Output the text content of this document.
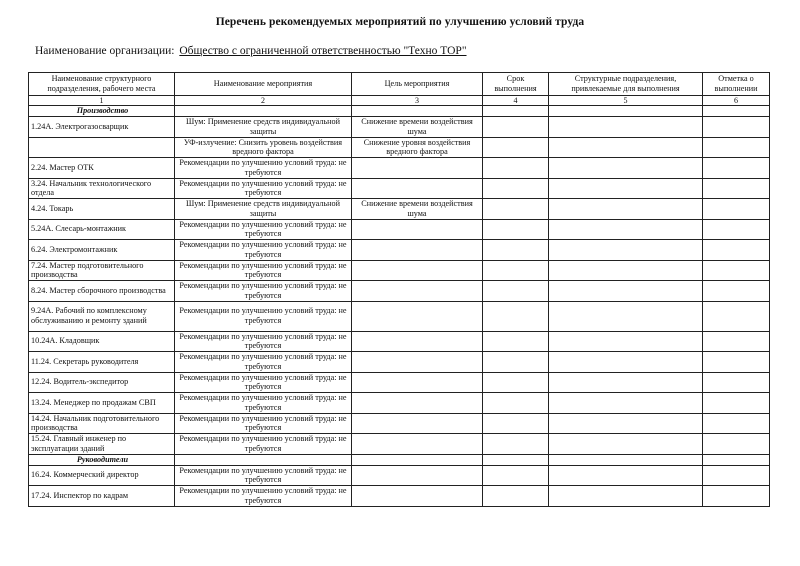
Перечень рекомендуемых мероприятий по улучшению условий труда
Наименование организации: Общество с ограниченной ответственностью "Техно ТОР"
Наименование структурного подразделения, рабочего места	Наименование мероприятия	Цель мероприятия	Срок выполнения	Структурные подразделения, привлекаемые для выполнения	Отметка о выполнении
1	2	3	4	5	6
Производство					
1.24А. Электрогазосварщик	Шум: Применение средств индивидуальной защиты	Снижение времени воздействия шума			
	УФ-излучение: Снизить уровень воздействия вредного фактора	Снижение уровня воздействия вредного фактора			
2.24. Мастер ОТК	Рекомендации по улучшению условий труда: не требуются				
3.24. Начальник технологического отдела	Рекомендации по улучшению условий труда: не требуются				
4.24. Токарь	Шум: Применение средств индивидуальной защиты	Снижение времени воздействия шума			
5.24А. Слесарь-монтажник	Рекомендации по улучшению условий труда: не требуются				
6.24. Электромонтажник	Рекомендации по улучшению условий труда: не требуются				
7.24. Мастер подготовительного производства	Рекомендации по улучшению условий труда: не требуются				
8.24. Мастер сборочного производства	Рекомендации по улучшению условий труда: не требуются				
9.24А. Рабочий по комплексному обслуживанию и ремонту зданий	Рекомендации по улучшению условий труда: не требуются				
10.24А. Кладовщик	Рекомендации по улучшению условий труда: не требуются				
11.24. Секретарь руководителя	Рекомендации по улучшению условий труда: не требуются				
12.24. Водитель-экспедитор	Рекомендации по улучшению условий труда: не требуются				
13.24. Менеджер по продажам СВП	Рекомендации по улучшению условий труда: не требуются				
14.24. Начальник подготовительного производства	Рекомендации по улучшению условий труда: не требуются				
15.24. Главный инженер по эксплуатации зданий	Рекомендации по улучшению условий труда: не требуются				
Руководители					
16.24. Коммерческий директор	Рекомендации по улучшению условий труда: не требуются				
17.24. Инспектор по кадрам	Рекомендации по улучшению условий труда: не требуются				
